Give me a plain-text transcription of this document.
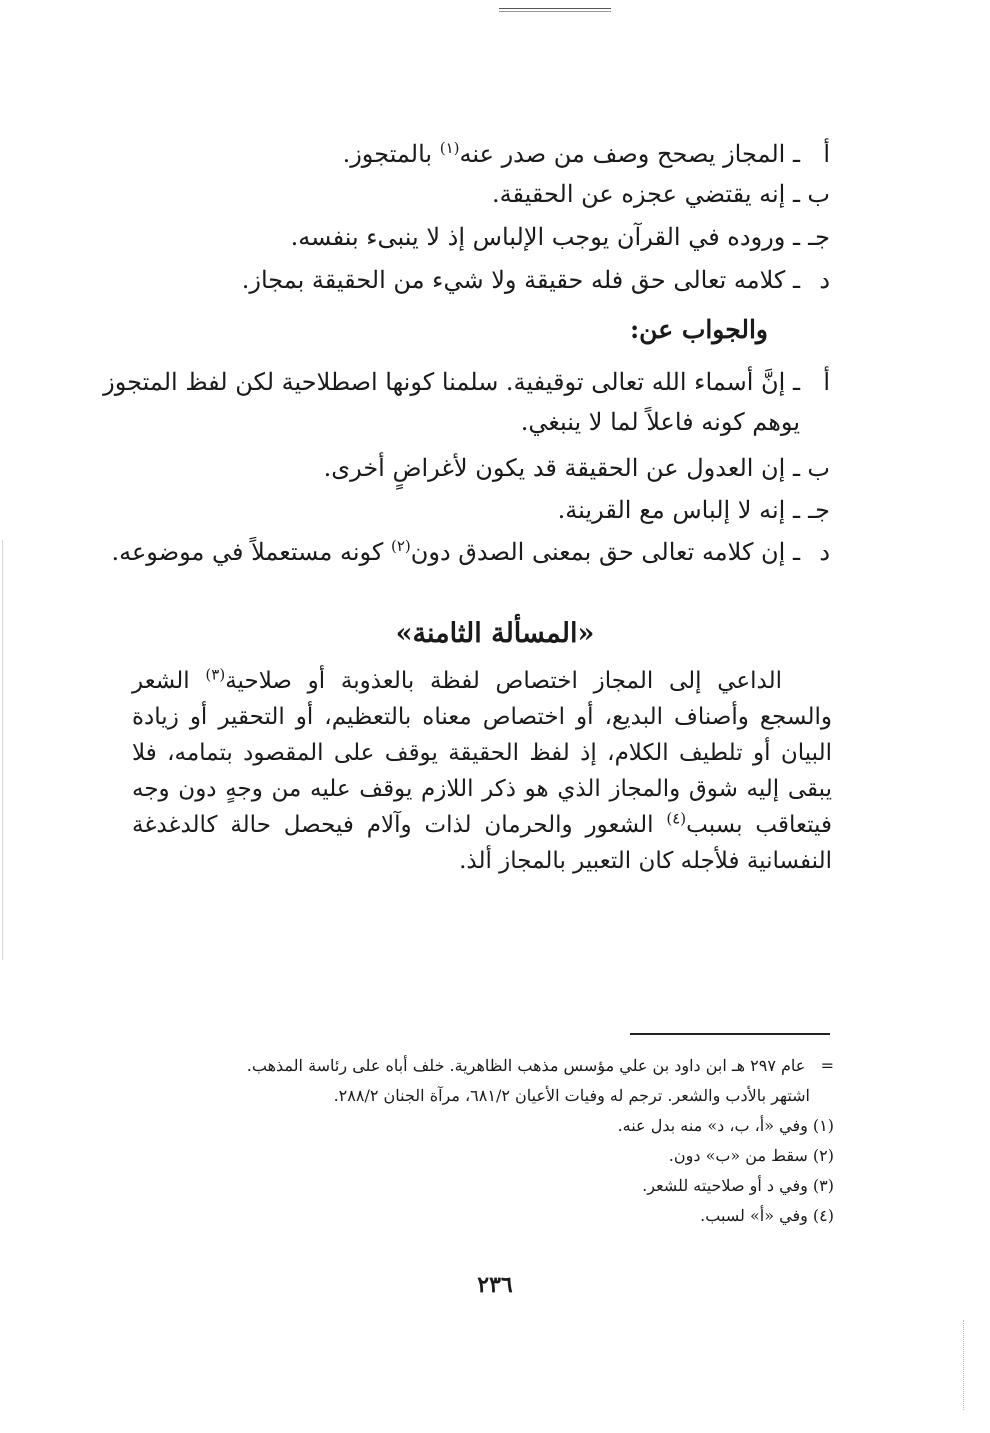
أـ المجاز يصحح وصف من صدر عنه$^{(١)}$ بالمتجوز.
بـ إنه يقتضي عجزه عن الحقيقة.
جــ وروده في القرآن يوجب الإلباس إذ لا ينبىء بنفسه.
دـ كلامه تعالى حق فله حقيقة ولا شيء من الحقيقة بمجاز.
والجواب عن:
أـ إنَّ أسماء الله تعالى توقيفية. سلمنا كونها اصطلاحية لكن لفظ المتجوز
يوهم كونه فاعلاً لما لا ينبغي.
بـ إن العدول عن الحقيقة قد يكون لأغراضٍ أخرى.
جــ إنه لا إلباس مع القرينة.
دـ إن كلامه تعالى حق بمعنى الصدق دون$^{(٢)}$ كونه مستعملاً في موضوعه.
«المسألة الثامنة»

الداعي إلى المجاز اختصاص لفظة بالعذوبة أو صلاحية$^{(٣)}$ الشعر والسجع وأصناف البديع، أو اختصاص معناه بالتعظيم، أو التحقير أو زيادة البيان أو تلطيف الكلام، إذ لفظ الحقيقة يوقف على المقصود بتمامه، فلا يبقى إليه شوق والمجاز الذي هو ذكر اللازم يوقف عليه من وجهٍ دون وجه فيتعاقب بسبب$^{(٤)}$ الشعور والحرمان لذات وآلام فيحصل حالة كالدغدغة النفسانية فلأجله كان التعبير بالمجاز ألذ.

=   عام ٢٩٧ هـ ابن داود بن علي مؤسس مذهب الظاهرية. خلف أباه على رئاسة المذهب.
اشتهر بالأدب والشعر. ترجم له وفيات الأعيان ٦٨١/٢، مرآة الجنان ٢٨٨/٢.
(١) وفي «أ، ب، د» منه بدل عنه.
(٢) سقط من «ب» دون.
(٣) وفي د أو صلاحيته للشعر.
(٤) وفي «أ» لسبب.
٢٣٦
